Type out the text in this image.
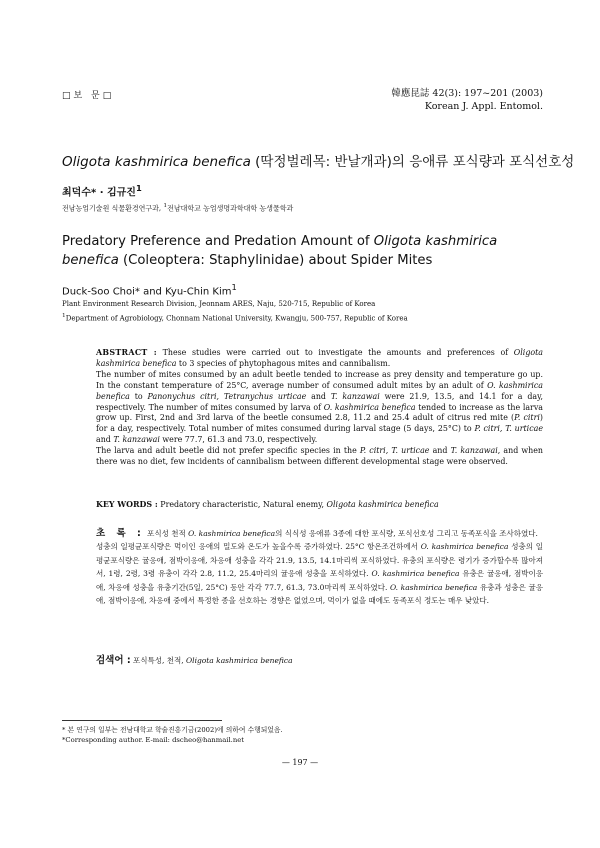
□보 문□	韓應昆誌 42(3): 197~201 (2003)
Korean J. Appl. Entomol.
Oligota kashmirica benefica (딱정벌레목: 반날개과)의 응애류 포식량과 포식선호성
최덕수* · 김규진$^1$
전남농업기술원 식물환경연구과, $^1$전남대학교 농업생명과학대학 농생물학과
Predatory Preference and Predation Amount of Oligota kashmirica benefica (Coleoptera: Staphylinidae) about Spider Mites
Duck-Soo Choi* and Kyu-Chin Kim$^1$
Plant Environment Research Division, Jeonnam ARES, Naju, 520-715, Republic of Korea
$^1$Department of Agrobiology, Chonnam National University, Kwangju, 500-757, Republic of Korea
ABSTRACT : These studies were carried out to investigate the amounts and preferences of Oligota kashmirica benefica to 3 species of phytophagous mites and cannibalism.
The number of mites consumed by an adult beetle tended to increase as prey density and temperature go up. In the constant temperature of 25°C, average number of consumed adult mites by an adult of O. kashmirica benefica to Panonychus citri, Tetranychus urticae and T. kanzawai were 21.9, 13.5, and 14.1 for a day, respectively. The number of mites consumed by larva of O. kashmirica benefica tended to increase as the larva grow up. First, 2nd and 3rd larva of the beetle consumed 2.8, 11.2 and 25.4 adult of citrus red mite (P. citri) for a day, respectively. Total number of mites consumed during larval stage (5 days, 25°C) to P. citri, T. urticae and T. kanzawai were 77.7, 61.3 and 73.0, respectively.
The larva and adult beetle did not prefer specific species in the P. citri, T. urticae and T. kanzawai, and when there was no diet, few incidents of cannibalism between different developmental stage were observed.
KEY WORDS : Predatory characteristic, Natural enemy, Oligota kashmirica benefica
초 록 : 포식성 천적 O. kashmirica benefica의 식식성 응애류 3종에 대한 포식량, 포식선호성 그리고 동족포식을 조사하였다.
성충의 일평균포식량은 먹이인 응애의 밀도와 온도가 높을수록 증가하였다. 25°C 항온조건하에서 O. kashmirica benefica 성충의 일평균포식량은 귤응애, 점박이응애, 차응애 성충을 각각 21.9, 13.5, 14.1마리씩 포식하였다. 유충의 포식량은 령기가 증가할수록 많아져서, 1령, 2령, 3령 유충이 각각 2.8, 11.2, 25.4마리의 귤응애 성충을 포식하였다. O. kashmirica benefica 유충은 귤응애, 점박이응애, 차응애 성충을 유충기간(5일, 25°C) 동안 각각 77.7, 61.3, 73.0마리씩 포식하였다. O. kashmirica benefica 유충과 성충은 귤응애, 점박이응애, 차응애 중에서 특정한 종을 선호하는 경향은 없었으며, 먹이가 없을 때에도 동족포식 정도는 매우 낮았다.
검색어 : 포식특성, 천적, Oligota kashmirica benefica
* 본 연구의 일부는 전남대학교 학술진흥기금(2002)에 의하여 수행되었음.
*Corresponding author. E-mail: dscheo@hanmail.net
— 197 —
